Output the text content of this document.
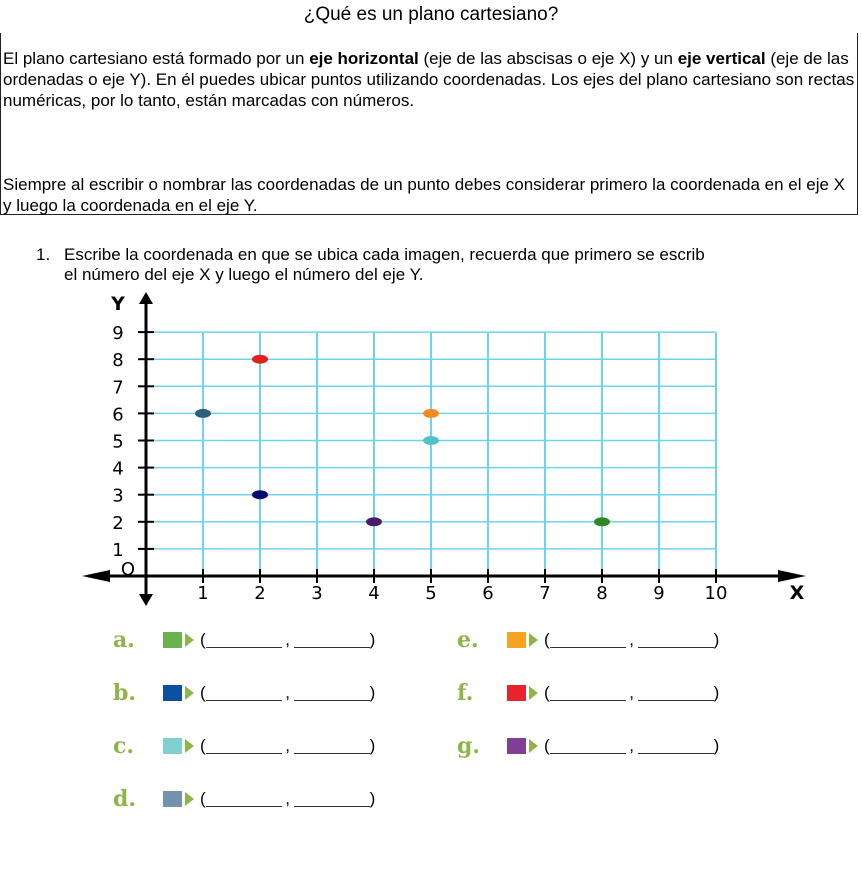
¿Qué es un plano cartesiano?

El plano cartesiano está formado por un eje horizontal (eje de las abscisas o eje X) y un eje vertical (eje de las ordenadas o eje Y). En él puedes ubicar puntos utilizando coordenadas. Los ejes del plano cartesiano son rectas numéricas, por lo tanto, están marcadas con números.

Siempre al escribir o nombrar las coordenadas de un punto debes considerar primero la coordenada en el eje X y luego la coordenada en el eje Y.

1. Escribe la coordenada en que se ubica cada imagen, recuerda que primero se escrib
el número del eje X y luego el número del eje Y.
1	2	3	4	5	6	7	8	9 10
1
2
3
4
5
6
7
8
9
O
X
Y
a.	(	,	)
b.	(	,	)
c.	(	,	)
d.	(	,	)
e.	(	,	)
f.	(	,	)
g.	(	,	)
